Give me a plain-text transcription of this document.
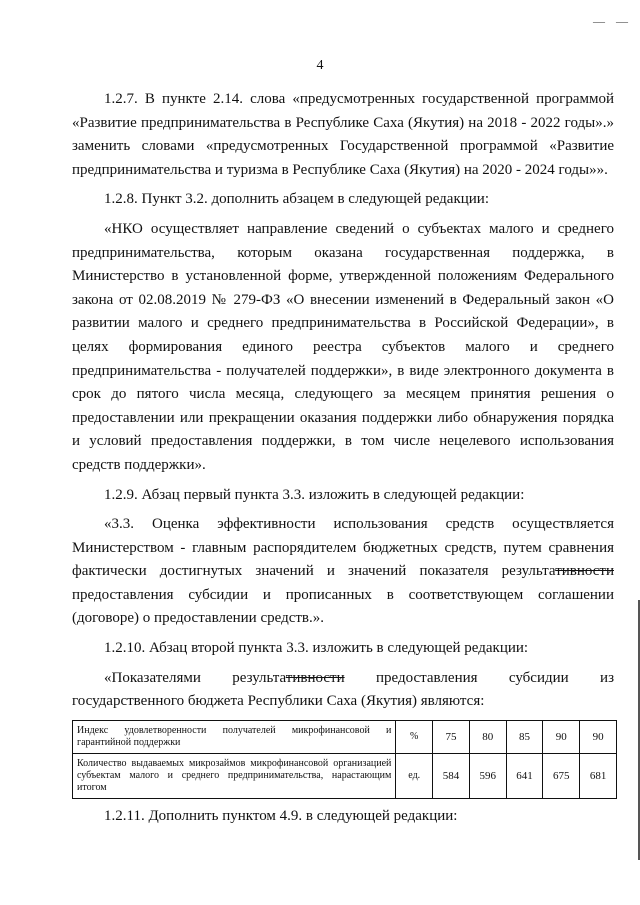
— —
4

1.2.7. В пункте 2.14. слова «предусмотренных государственной программой «Развитие предпринимательства в Республике Саха (Якутия) на 2018 - 2022 годы».» заменить словами «предусмотренных Государственной программой «Развитие предпринимательства и туризма в Республике Саха (Якутия) на 2020 - 2024 годы»».

1.2.8. Пункт 3.2. дополнить абзацем в следующей редакции:

«НКО осуществляет направление сведений о субъектах малого и среднего предпринимательства, которым оказана государственная поддержка, в Министерство в установленной форме, утвержденной положениям Федерального закона от 02.08.2019 № 279-ФЗ «О внесении изменений в Федеральный закон «О развитии малого и среднего предпринимательства в Российской Федерации», в целях формирования единого реестра субъектов малого и среднего предпринимательства - получателей поддержки», в виде электронного документа в срок до пятого числа месяца, следующего за месяцем принятия решения о предоставлении или прекращении оказания поддержки либо обнаружения порядка и условий предоставления поддержки, в том числе нецелевого использования средств поддержки».

1.2.9. Абзац первый пункта 3.3. изложить в следующей редакции:

«3.3. Оценка эффективности использования средств осуществляется Министерством - главным распорядителем бюджетных средств, путем сравнения фактически достигнутых значений и значений показателя результативности предоставления субсидии и прописанных в соответствующем соглашении (договоре) о предоставлении средств.».

1.2.10. Абзац второй пункта 3.3. изложить в следующей редакции:

«Показателями результативности предоставления субсидии из государственного бюджета Республики Саха (Якутия) являются:

Индекс удовлетворенности получателей микрофинансовой и гарантийной поддержки	%	75	80	85	90	90
Количество выдаваемых микрозаймов микрофинансовой организацией субъектам малого и среднего предпринимательства, нарастающим итогом	ед.	584	596	641	675	681

1.2.11. Дополнить пунктом 4.9. в следующей редакции:
